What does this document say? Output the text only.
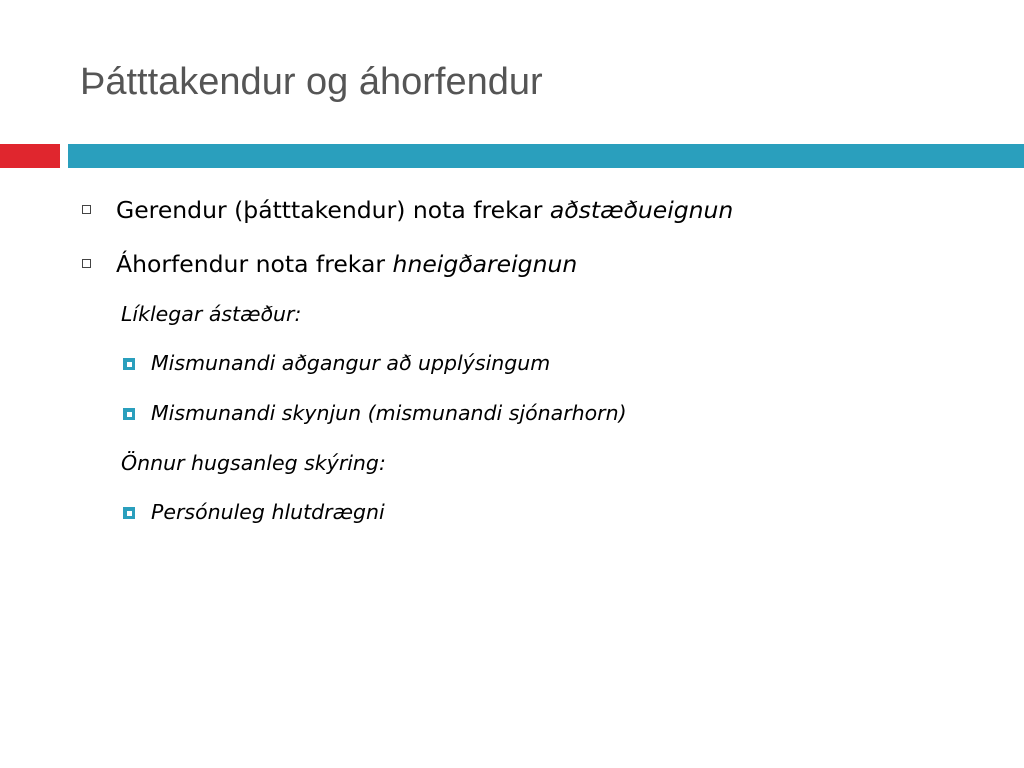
Þátttakendur og áhorfendur
Gerendur (þátttakendur) nota frekar aðstæðueignun
Áhorfendur nota frekar hneigðareignun
Líklegar ástæður:
Mismunandi aðgangur að upplýsingum
Mismunandi skynjun (mismunandi sjónarhorn)
Önnur hugsanleg skýring:
Persónuleg hlutdrægni
